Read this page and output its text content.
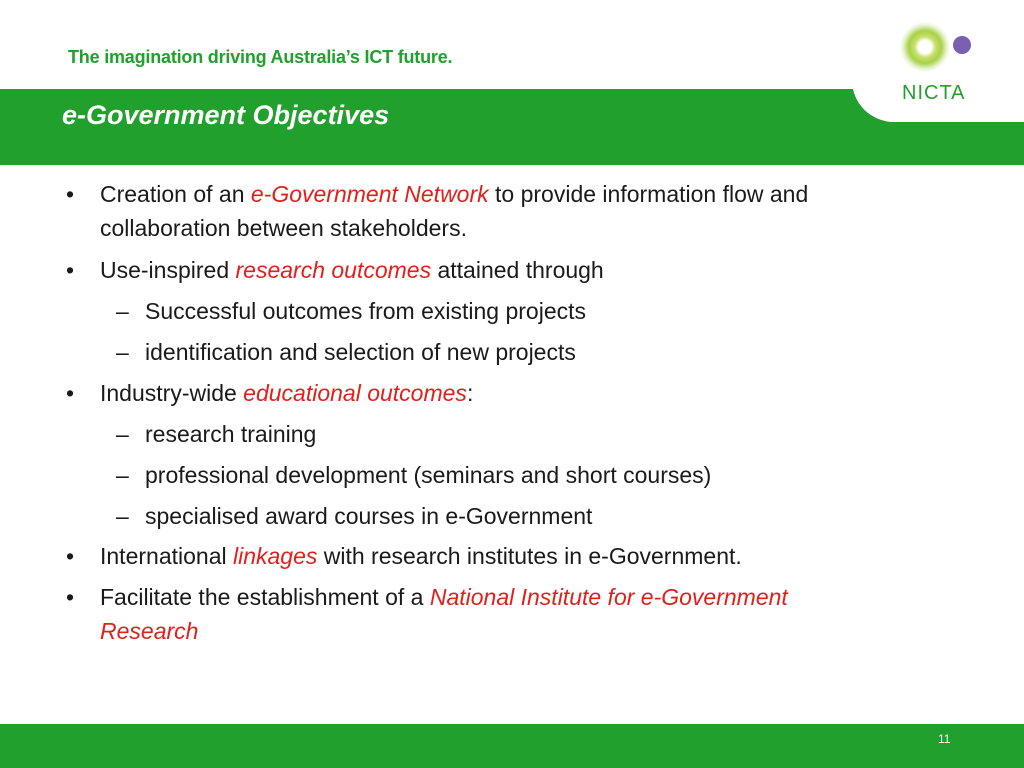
The imagination driving Australia’s ICT future.
e-Government Objectives
NICTA
• Creation of an e-Government Network to provide information flow and
collaboration between stakeholders.
• Use-inspired research outcomes attained through
– Successful outcomes from existing projects
– identification and selection of new projects
• Industry-wide educational outcomes:
– research training
– professional development (seminars and short courses)
– specialised award courses in e-Government
• International linkages with research institutes in e-Government.
• Facilitate the establishment of a National Institute for e-Government
Research
11
